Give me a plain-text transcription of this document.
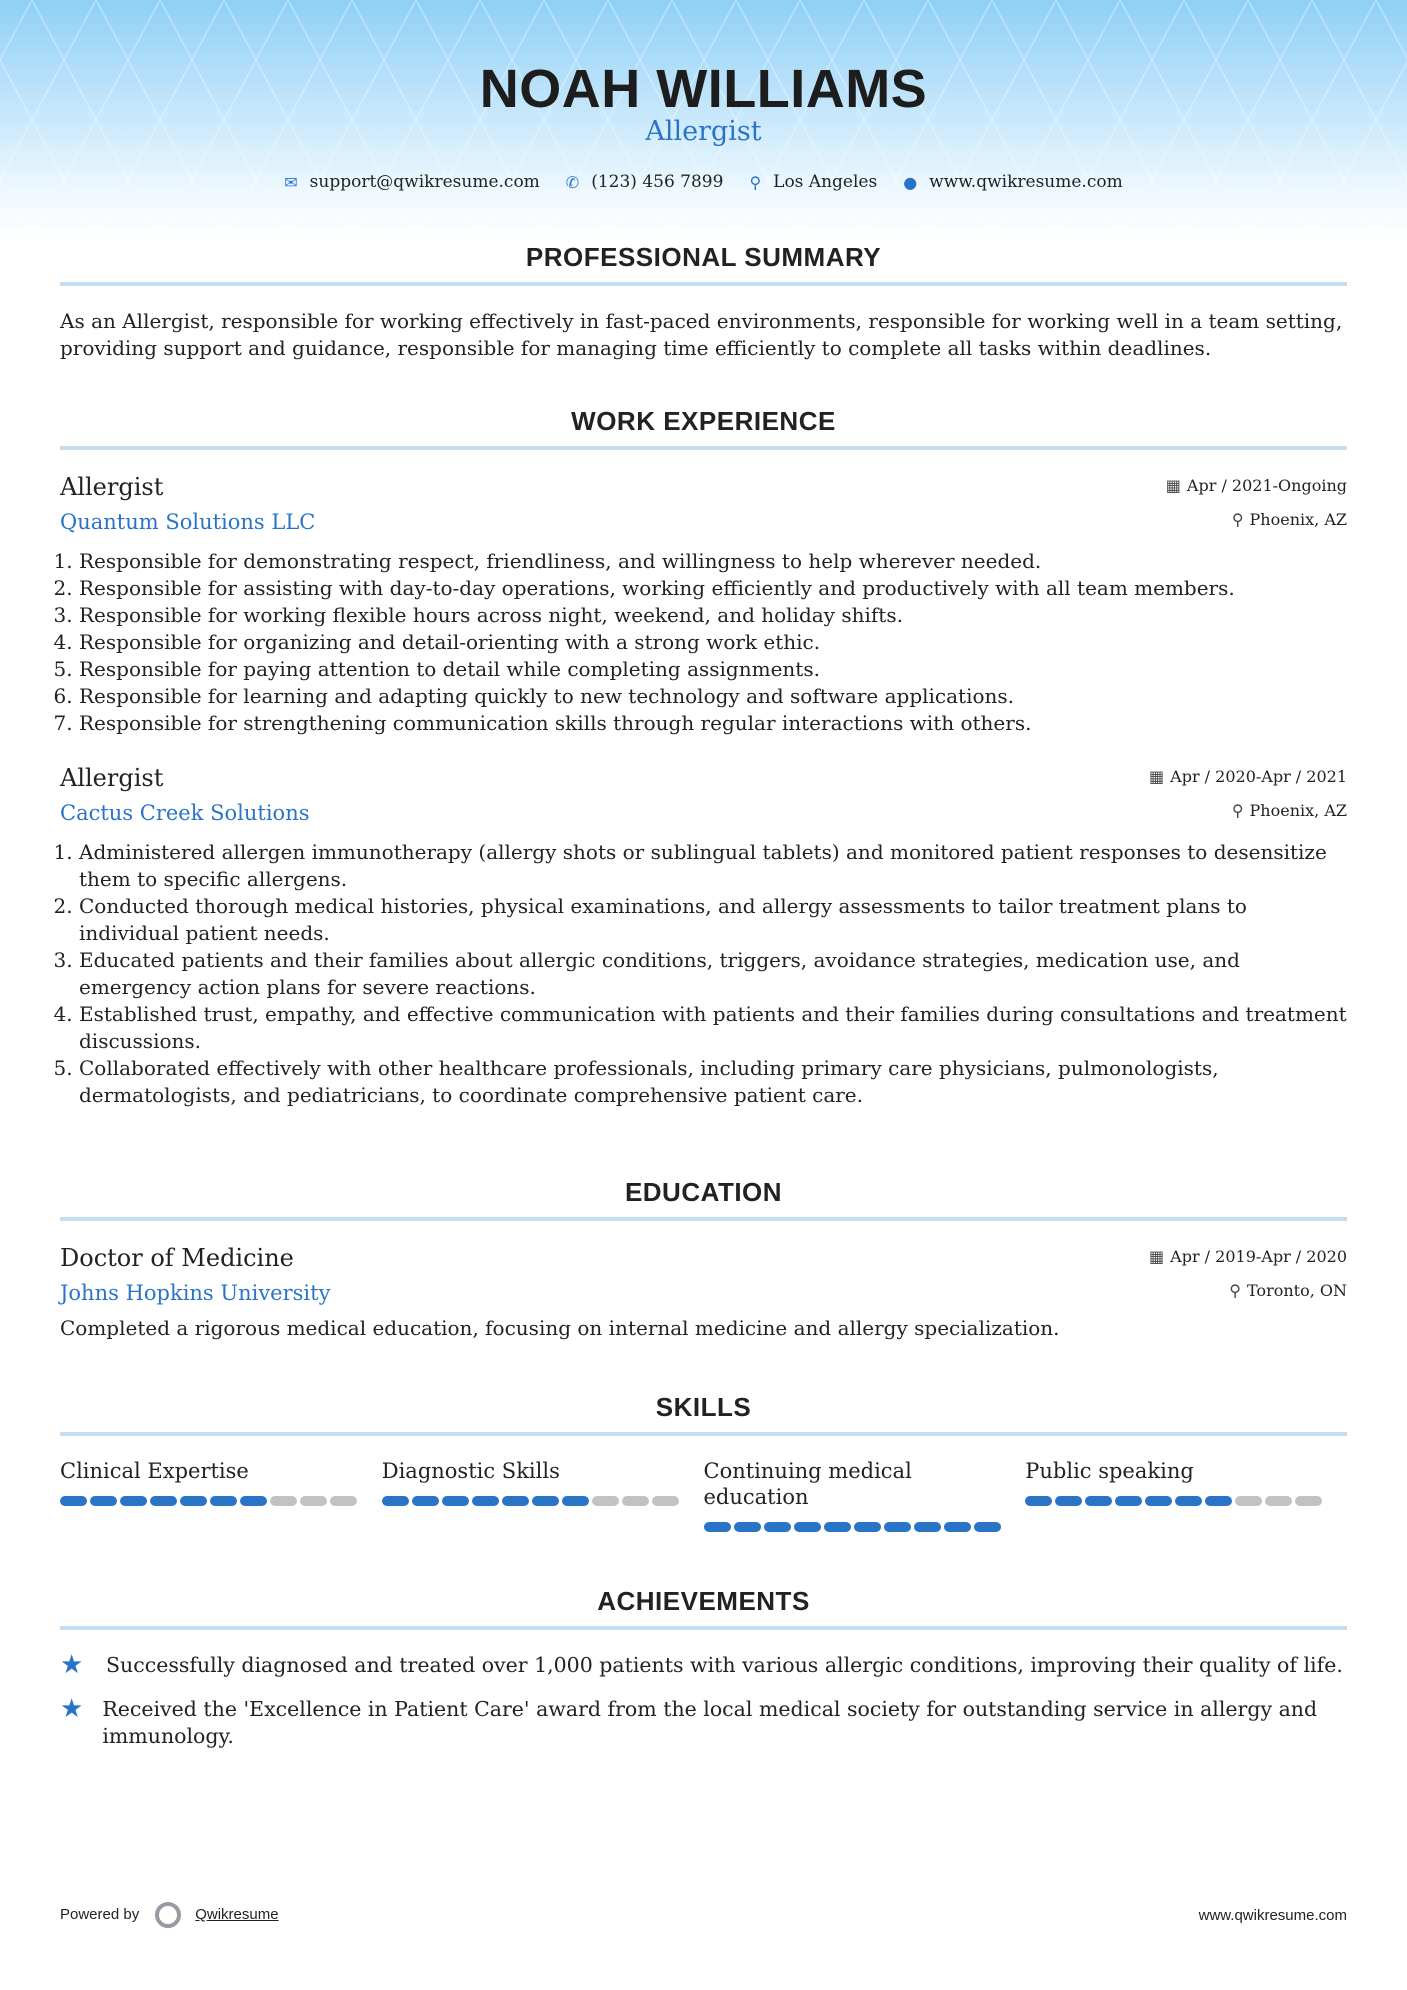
NOAH WILLIAMS
Allergist
✉ support@qwikresume.com ✆ (123) 456 7899 ⚲ Los Angeles ● www.qwikresume.com
PROFESSIONAL SUMMARY
As an Allergist, responsible for working effectively in fast-paced environments, responsible for working well in a team setting, providing support and guidance, responsible for managing time efficiently to complete all tasks within deadlines.
WORK EXPERIENCE
▦ Apr / 2021-Ongoing
⚲ Phoenix, AZ
Allergist
Quantum Solutions LLC
1. Responsible for demonstrating respect, friendliness, and willingness to help wherever needed.
2. Responsible for assisting with day-to-day operations, working efficiently and productively with all team members.
3. Responsible for working flexible hours across night, weekend, and holiday shifts.
4. Responsible for organizing and detail-orienting with a strong work ethic.
5. Responsible for paying attention to detail while completing assignments.
6. Responsible for learning and adapting quickly to new technology and software applications.
7. Responsible for strengthening communication skills through regular interactions with others.
▦ Apr / 2020-Apr / 2021
⚲ Phoenix, AZ
Allergist
Cactus Creek Solutions
1. Administered allergen immunotherapy (allergy shots or sublingual tablets) and monitored patient responses to desensitize them to specific allergens.
2. Conducted thorough medical histories, physical examinations, and allergy assessments to tailor treatment plans to individual patient needs.
3. Educated patients and their families about allergic conditions, triggers, avoidance strategies, medication use, and emergency action plans for severe reactions.
4. Established trust, empathy, and effective communication with patients and their families during consultations and treatment discussions.
5. Collaborated effectively with other healthcare professionals, including primary care physicians, pulmonologists, dermatologists, and pediatricians, to coordinate comprehensive patient care.
EDUCATION
▦ Apr / 2019-Apr / 2020
⚲ Toronto, ON
Doctor of Medicine
Johns Hopkins University
Completed a rigorous medical education, focusing on internal medicine and allergy specialization.
SKILLS
Clinical Expertise	Diagnostic Skills	Continuing medical education
Public speaking
ACHIEVEMENTS
★	Successfully diagnosed and treated over 1,000 patients with various allergic conditions, improving their quality of life.
★ Received the 'Excellence in Patient Care' award from the local medical society for outstanding service in allergy and immunology.
Powered by	Qwikresume	www.qwikresume.com
